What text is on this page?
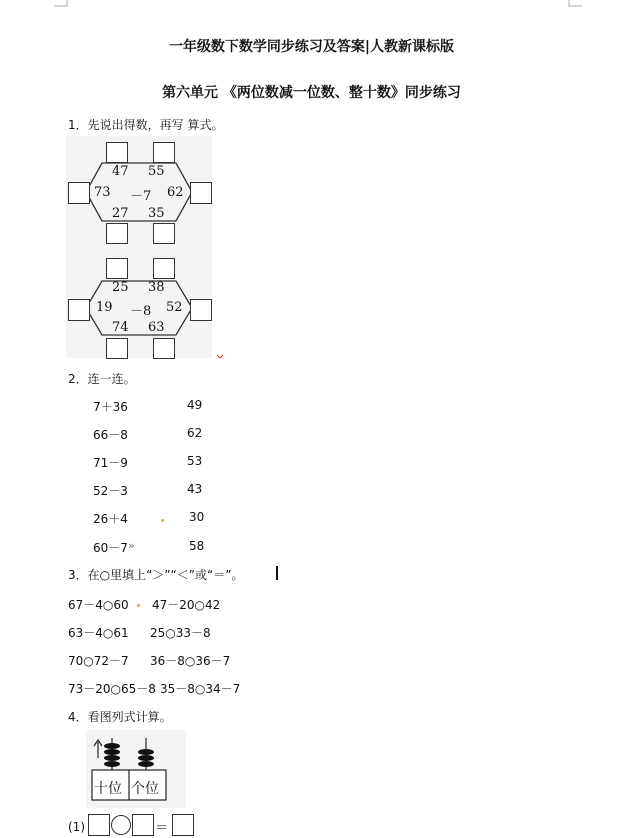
一年级数下数学同步练习及答案|人教新课标版
第六单元 《两位数减一位数、整十数》同步练习
1．先说出得数，再写 算式。
47 55
73 －7 62
27 35
25 38
19 －8 52
74 63
2．连一连。
7＋36
66－8
71－9
52－3
26＋4
60－7
49
62
53
43
30
58
»
3．在○里填上“＞”“＜”或“＝”。
67－4○60 47－20○42
63－4○61 25○33－8
70○72－7 36－8○36－7
73－20○65－8 35－8○34－7
4．看图列式计算。
十位 个位
(1)	＝
